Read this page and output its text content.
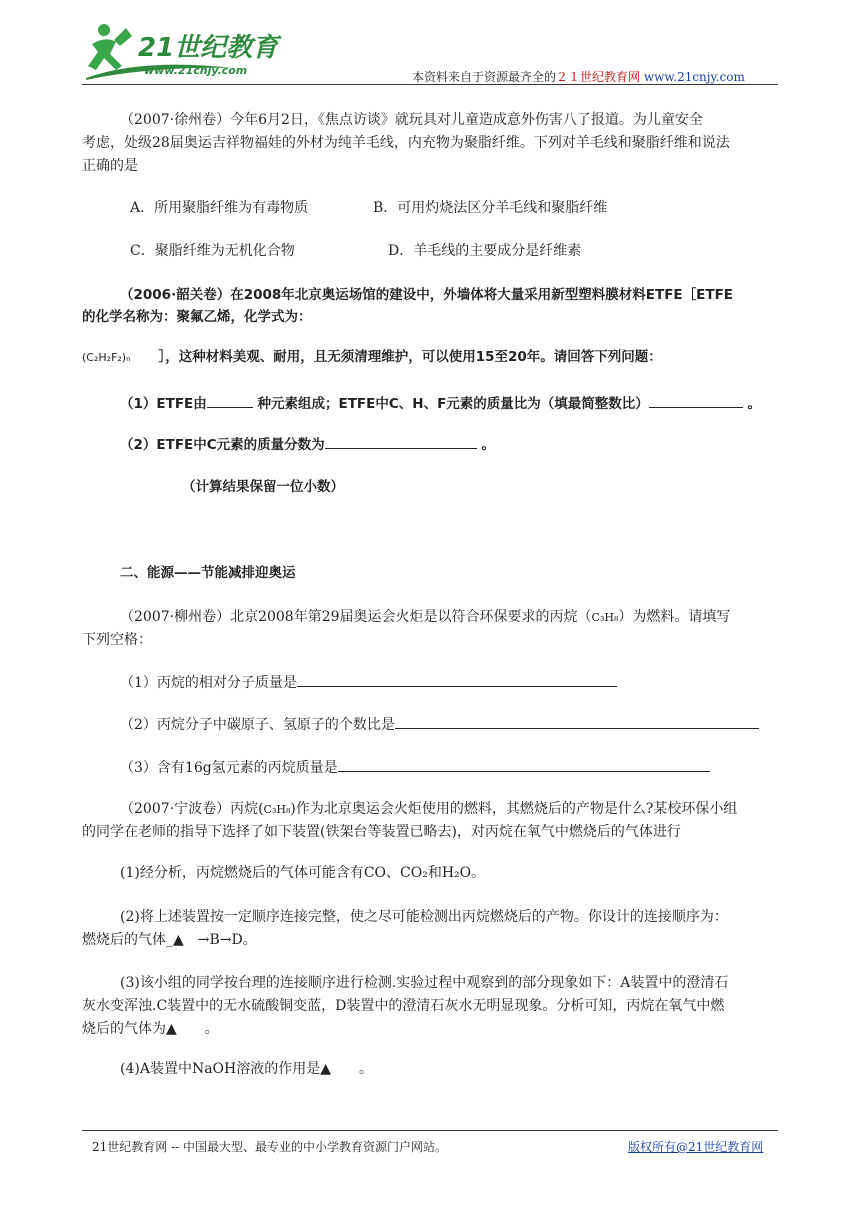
21世纪教育
www.21cnjy.com	本资料来自于资源最齐全的２１世纪教育网 www.21cnjy.com
（2007·徐州卷）今年6月2日，《焦点访谈》就玩具对儿童造成意外伤害八了报道。为儿童安全
考虑，处级28届奥运吉祥物福娃的外材为纯羊毛线，内充物为聚脂纤维。下列对羊毛线和聚脂纤维和说法
正确的是
A．所用聚脂纤维为有毒物质	B．可用灼烧法区分羊毛线和聚脂纤维
C．聚脂纤维为无机化合物	D．羊毛线的主要成分是纤维素
（2006·韶关卷）在2008年北京奥运场馆的建设中，外墙体将大量采用新型塑料膜材料ETFE［ETFE
的化学名称为：聚氟乙烯，化学式为：
(C₂H₂F₂)ₙ ］，这种材料美观、耐用，且无须清理维护，可以使用15至20年。请回答下列问题：
（1）ETFE由	种元素组成；ETFE中C、H、F元素的质量比为（填最简整数比）	。
（2）ETFE中C元素的质量分数为	。
（计算结果保留一位小数）
二、能源——节能减排迎奥运
（2007·柳州卷）北京2008年第29届奥运会火炬是以符合环保要求的丙烷（C₃H₈）为燃料。请填写
下列空格：
（1）丙烷的相对分子质量是
（2）丙烷分子中碳原子、氢原子的个数比是
（3）含有16g氢元素的丙烷质量是
（2007·宁波卷）丙烷(C₃H₈)作为北京奥运会火炬使用的燃料，其燃烧后的产物是什么?某校环保小组
的同学在老师的指导下选择了如下装置(铁架台等装置已略去)，对丙烷在氧气中燃烧后的气体进行
(1)经分析，丙烷燃烧后的气体可能含有CO、CO₂和H₂O。
(2)将上述装置按一定顺序连接完整，使之尽可能检测出丙烷燃烧后的产物。你设计的连接顺序为：
燃烧后的气体_▲　→B→D。
(3)该小组的同学按台理的连接顺序进行检测.实验过程中观察到的部分现象如下：A装置中的澄清石
灰水变浑浊.C装置中的无水硫酸铜变蓝，D装置中的澄清石灰水无明显现象。分析可知，丙烷在氧气中燃
烧后的气体为▲　　。
(4)A装置中NaOH溶液的作用是▲　　。
21世纪教育网 -- 中国最大型、最专业的中小学教育资源门户网站。	版权所有@21世纪教育网
